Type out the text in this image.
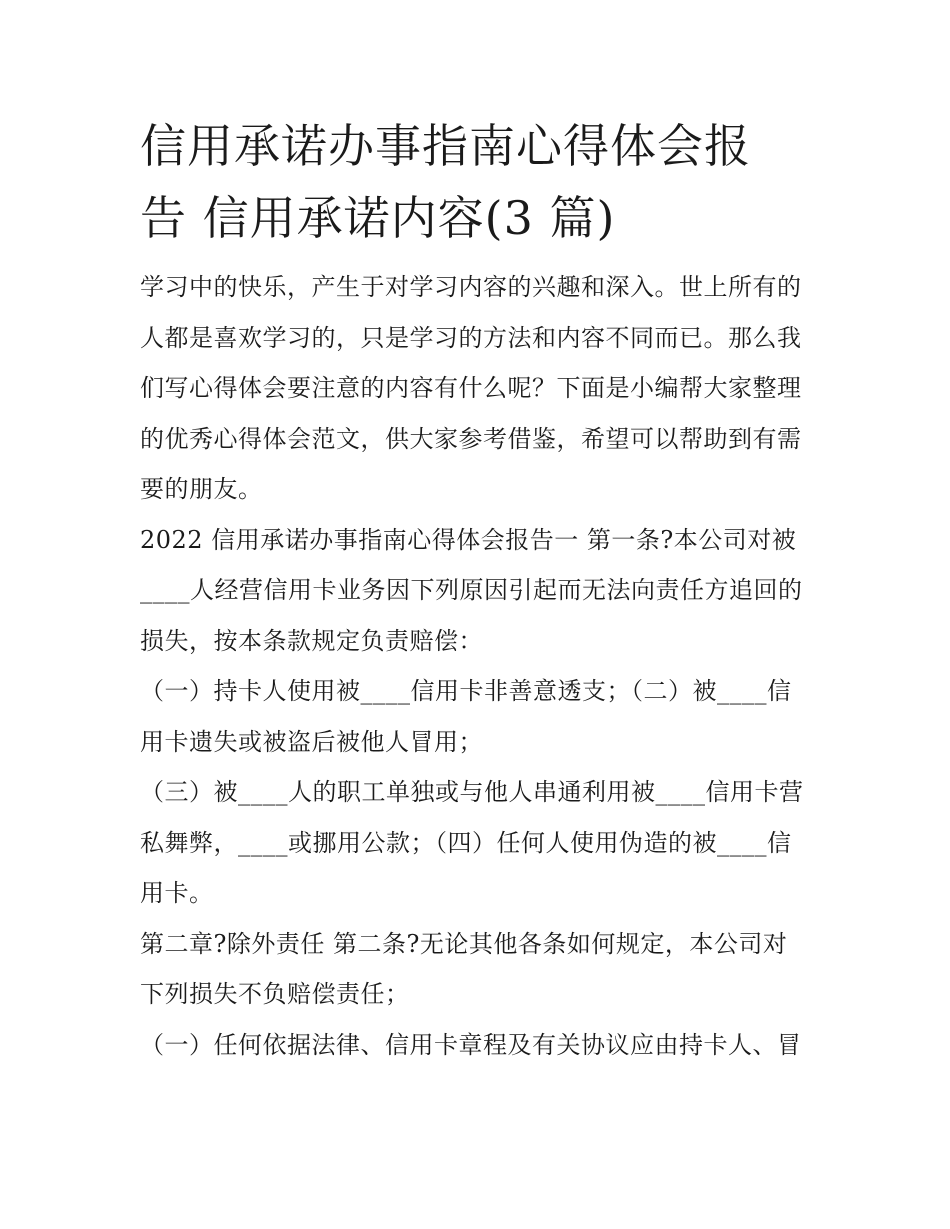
信用承诺办事指南心得体会报
告 信用承诺内容(3 篇)

学习中的快乐，产生于对学习内容的兴趣和深入。世上所有的
人都是喜欢学习的，只是学习的方法和内容不同而已。那么我
们写心得体会要注意的内容有什么呢？下面是小编帮大家整理
的优秀心得体会范文，供大家参考借鉴，希望可以帮助到有需
要的朋友。

2022 信用承诺办事指南心得体会报告一 第一条?本公司对被
____人经营信用卡业务因下列原因引起而无法向责任方追回的
损失，按本条款规定负责赔偿：

（一）持卡人使用被____信用卡非善意透支；（二）被____信
用卡遗失或被盗后被他人冒用；

（三）被____人的职工单独或与他人串通利用被____信用卡营
私舞弊，____或挪用公款；（四）任何人使用伪造的被____信
用卡。

第二章?除外责任 第二条?无论其他各条如何规定，本公司对
下列损失不负赔偿责任；

（一）任何依据法律、信用卡章程及有关协议应由持卡人、冒
